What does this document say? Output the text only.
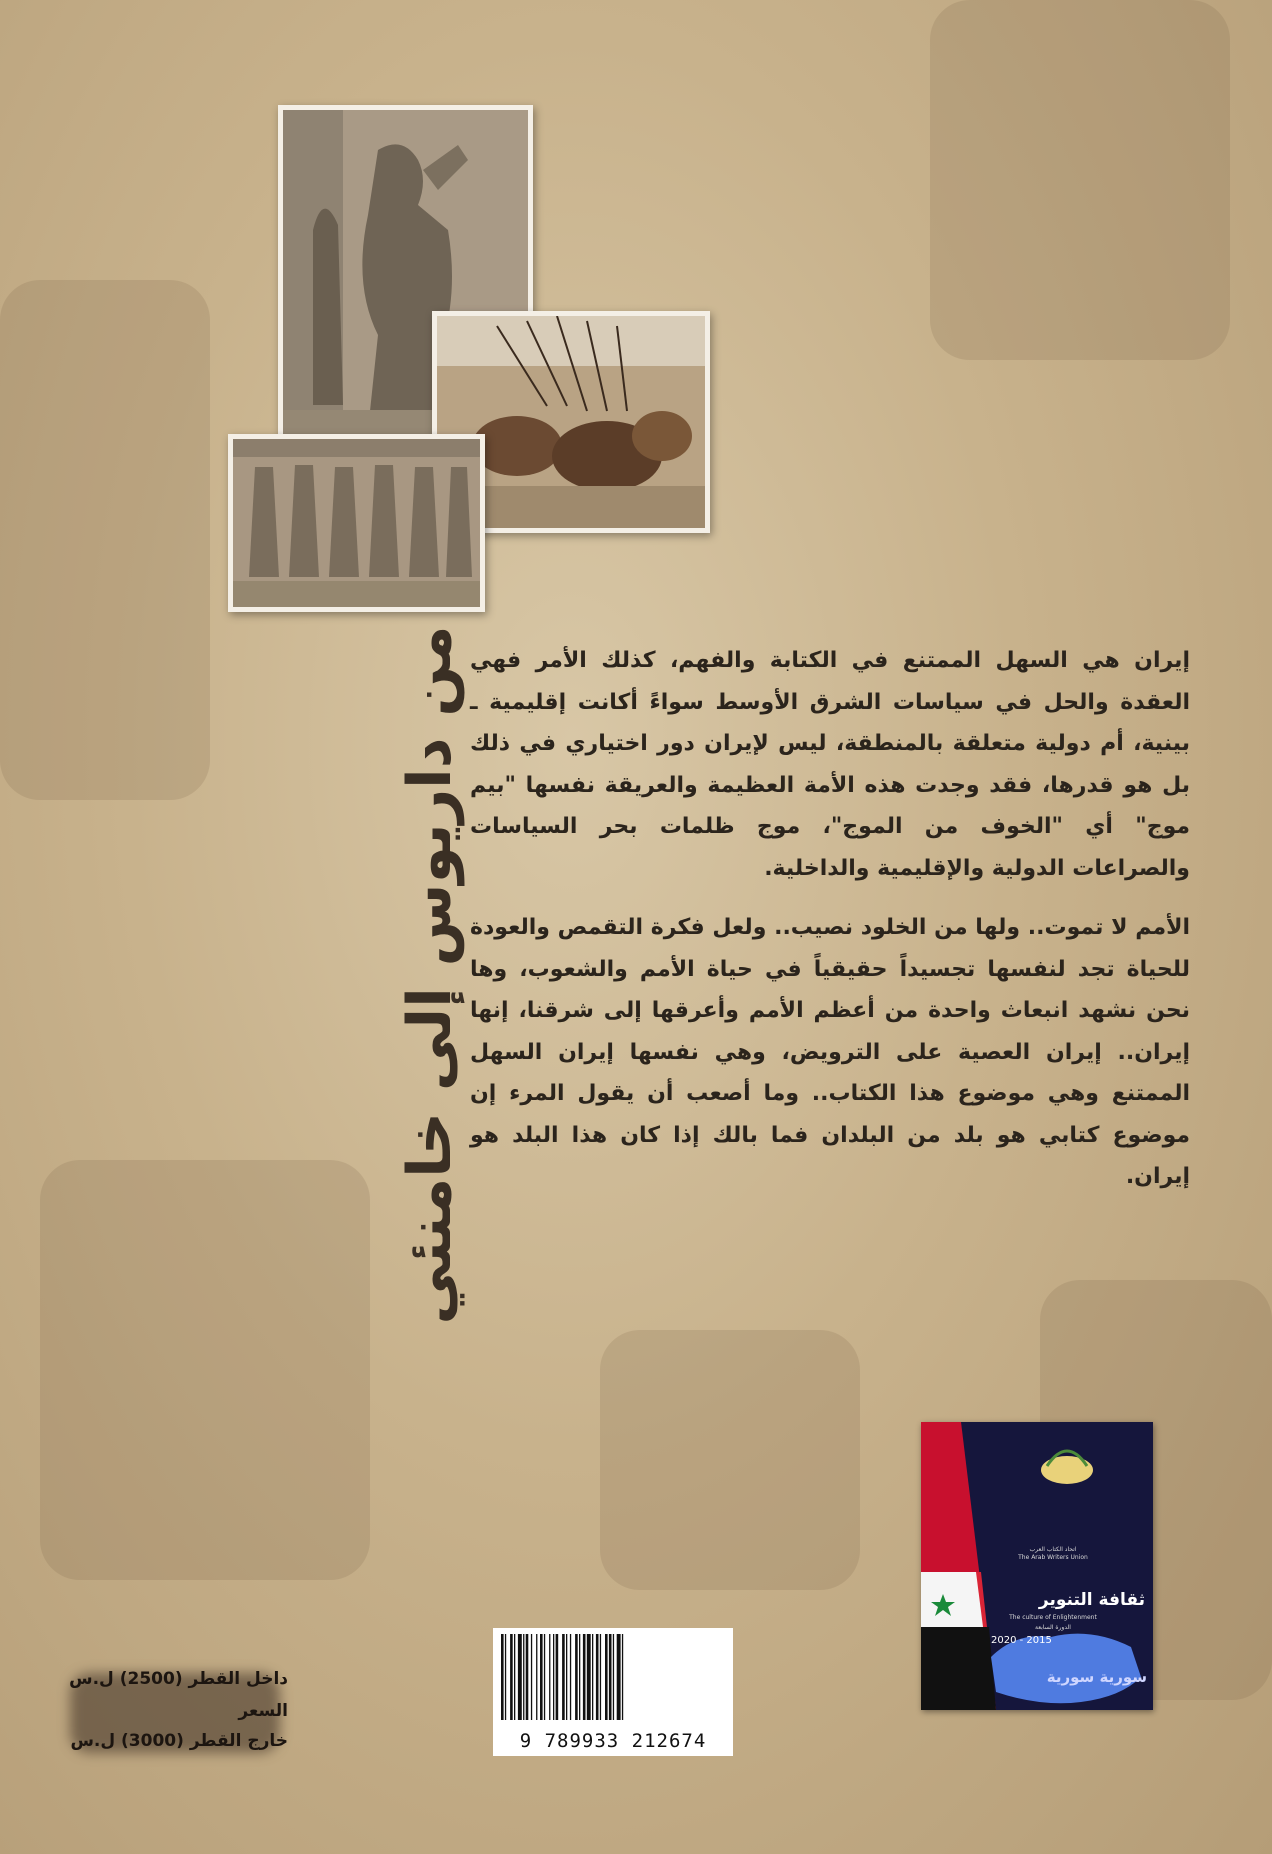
من داريوس إلى خامنئي إيران هي السهل الممتنع في الكتابة والفهم، كذلك الأمر فهي العقدة والحل في سياسات الشرق الأوسط سواءً أكانت إقليمية ـ بينية، أم دولية متعلقة بالمنطقة، ليس لإيران دور اختياري في ذلك بل هو قدرها، فقد وجدت هذه الأمة العظيمة والعريقة نفسها "بيم موج" أي "الخوف من الموج"، موج ظلمات بحر السياسات والصراعات الدولية والإقليمية والداخلية.

الأمم لا تموت.. ولها من الخلود نصيب.. ولعل فكرة التقمص والعودة للحياة تجد لنفسها تجسيداً حقيقياً في حياة الأمم والشعوب، وها نحن نشهد انبعاث واحدة من أعظم الأمم وأعرقها إلى شرقنا، إنها إيران.. إيران العصية على الترويض، وهي نفسها إيران السهل الممتنع وهي موضوع هذا الكتاب.. وما أصعب أن يقول المرء إن موضوع كتابي هو بلد من البلدان فما بالك إذا كان هذا البلد هو إيران.

داخل القطر (2500) ل.س
السعر
خارج القطر (3000) ل.س	9 789933 212674
اتحاد الكتاب العرب
The Arab Writers Union
ثقافة التنوير
The culture of Enlightenment
الدورة السابعة
2020 - 2015
سورية سورية
